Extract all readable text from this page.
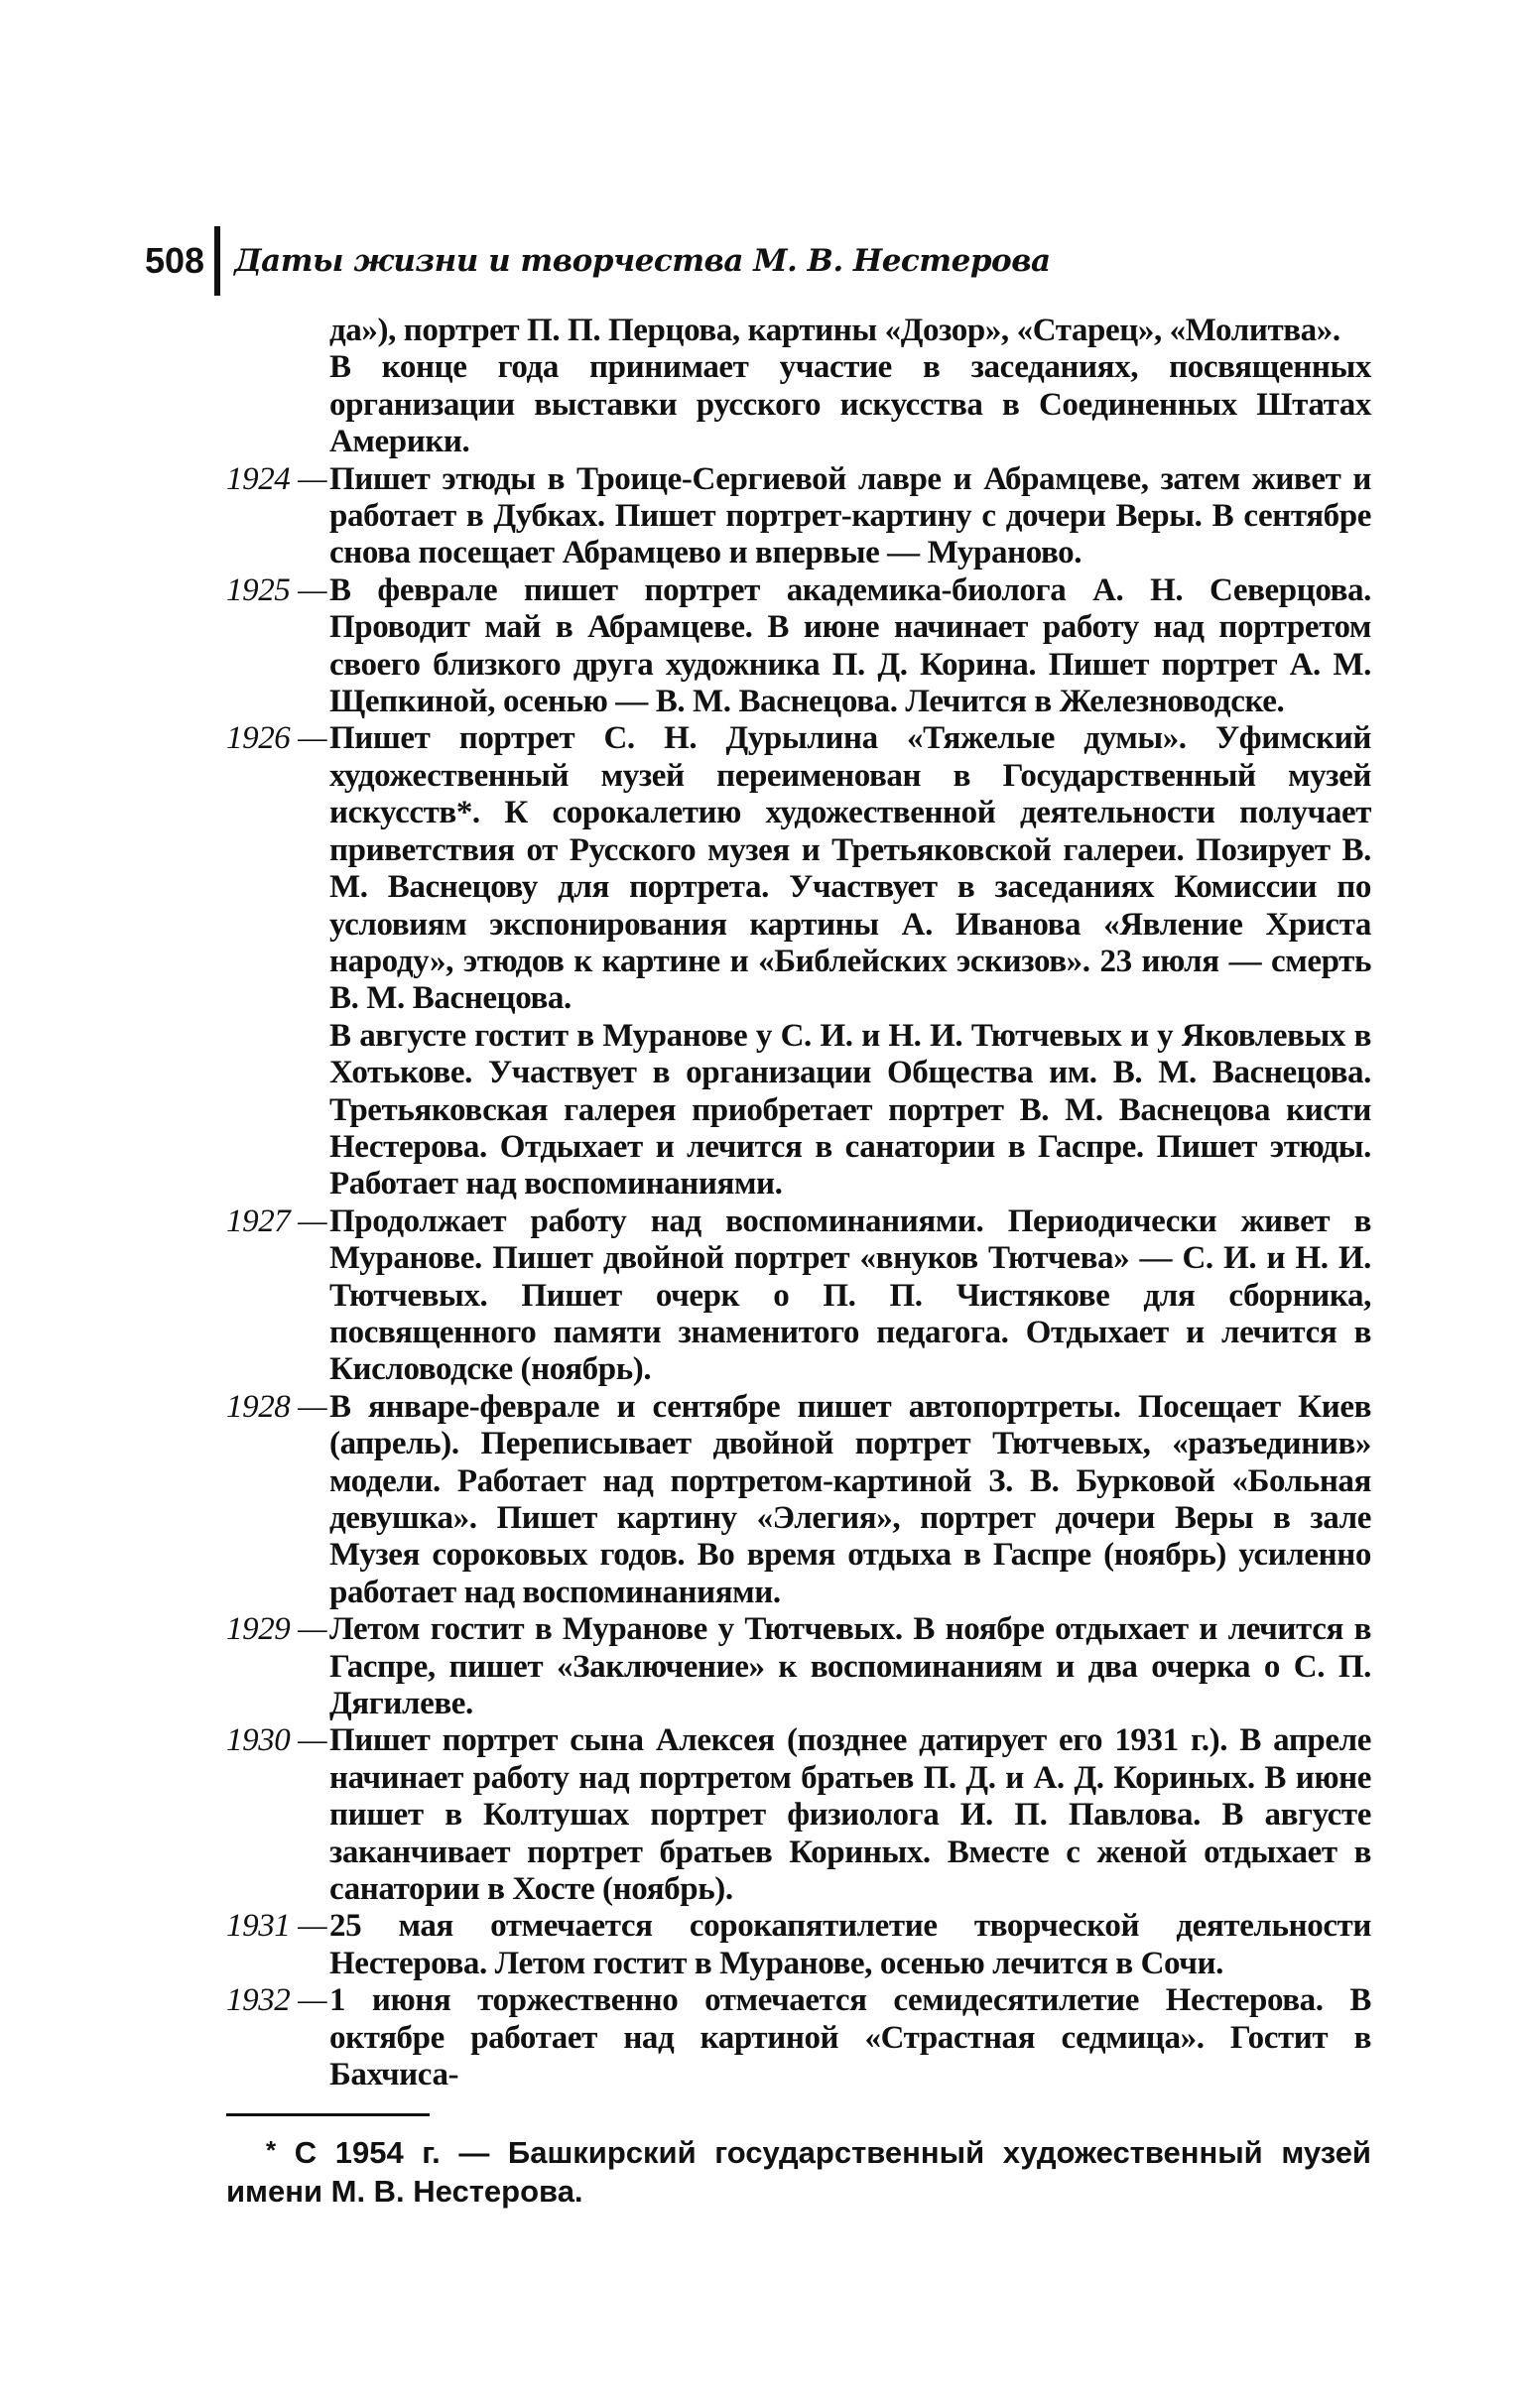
508 Даты жизни и творчества М. В. Нестерова

да»), портрет П. П. Перцова, картины «Дозор», «Старец», «Молитва».

В конце года принимает участие в заседаниях, посвященных организации выставки русского искусства в Соединенных Штатах Америки.

1924 — Пишет этюды в Троице-Сергиевой лавре и Абрамцеве, затем живет и работает в Дубках. Пишет портрет-картину с дочери Веры. В сентябре снова посещает Абрамцево и впервые — Мураново.

1925 — В феврале пишет портрет академика-биолога А. Н. Северцова. Проводит май в Абрамцеве. В июне начинает работу над портретом своего близкого друга художника П. Д. Корина. Пишет портрет А. М. Щепкиной, осенью — В. М. Васнецова. Лечится в Железноводске.

1926 — Пишет портрет С. Н. Дурылина «Тяжелые думы». Уфимский художественный музей переименован в Государственный музей искусств*. К сорокалетию художественной деятельности получает приветствия от Русского музея и Третьяковской галереи. Позирует В. М. Васнецову для портрета. Участвует в заседаниях Комиссии по условиям экспонирования картины А. Иванова «Явление Христа народу», этюдов к картине и «Библейских эскизов». 23 июля — смерть В. М. Васнецова.

В августе гостит в Муранове у С. И. и Н. И. Тютчевых и у Яковлевых в Хотькове. Участвует в организации Общества им. В. М. Васнецова. Третьяковская галерея приобретает портрет В. М. Васнецова кисти Нестерова. Отдыхает и лечится в санатории в Гаспре. Пишет этюды. Работает над воспоминаниями.

1927 — Продолжает работу над воспоминаниями. Периодически живет в Муранове. Пишет двойной портрет «внуков Тютчева» — С. И. и Н. И. Тютчевых. Пишет очерк о П. П. Чистякове для сборника, посвященного памяти знаменитого педагога. Отдыхает и лечится в Кисловодске (ноябрь).

1928 — В январе-феврале и сентябре пишет автопортреты. Посещает Киев (апрель). Переписывает двойной портрет Тютчевых, «разъединив» модели. Работает над портретом-картиной З. В. Бурковой «Больная девушка». Пишет картину «Элегия», портрет дочери Веры в зале Музея сороковых годов. Во время отдыха в Гаспре (ноябрь) усиленно работает над воспоминаниями.

1929 — Летом гостит в Муранове у Тютчевых. В ноябре отдыхает и лечится в Гаспре, пишет «Заключение» к воспоминаниям и два очерка о С. П. Дягилеве.

1930 — Пишет портрет сына Алексея (позднее датирует его 1931 г.). В апреле начинает работу над портретом братьев П. Д. и А. Д. Кориных. В июне пишет в Колтушах портрет физиолога И. П. Павлова. В августе заканчивает портрет братьев Кориных. Вместе с женой отдыхает в санатории в Хосте (ноябрь).

1931 — 25 мая отмечается сорокапятилетие творческой деятельности Нестерова. Летом гостит в Муранове, осенью лечится в Сочи.

1932 — 1 июня торжественно отмечается семидесятилетие Нестерова. В октябре работает над картиной «Страстная седмица». Гостит в Бахчиса-

* С 1954 г. — Башкирский государственный художественный музей имени М. В. Нестерова.
